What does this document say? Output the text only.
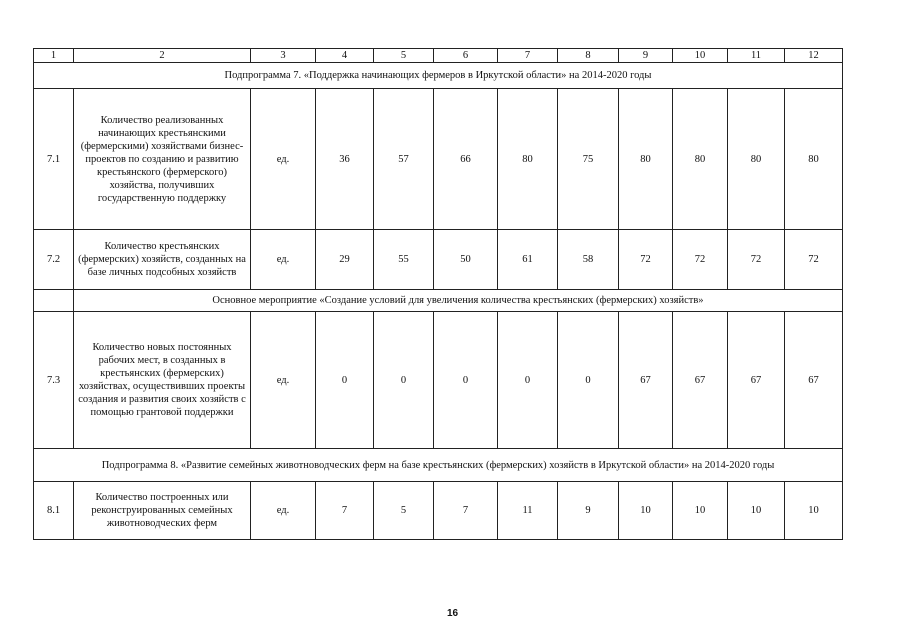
1	2	3	4	5	6	7	8	9	10	11	12
Подпрограмма 7. «Поддержка начинающих фермеров в Иркутской области» на 2014-2020 годы											
7.1	Количество реализованных начинающих крестьянскими (фермерскими) хозяйствами бизнес-проектов по созданию и развитию крестьянского (фермерского) хозяйства, получивших государственную поддержку	ед.	36	57	66	80	75	80	80	80	80
7.2	Количество крестьянских (фермерских) хозяйств, созданных на базе личных подсобных хозяйств	ед.	29	55	50	61	58	72	72	72	72
	Основное мероприятие «Создание условий для увеличения количества крестьянских (фермерских) хозяйств»										
7.3	Количество новых постоянных рабочих мест, в созданных в крестьянских (фермерских) хозяйствах, осуществивших проекты создания и развития своих хозяйств с помощью грантовой поддержки	ед.	0	0	0	0	0	67	67	67	67
Подпрограмма 8. «Развитие семейных животноводческих ферм на базе крестьянских (фермерских) хозяйств в Иркутской области» на 2014-2020 годы											
8.1	Количество построенных или реконструированных семейных животноводческих ферм	ед.	7	5	7	11	9	10	10	10	10
16
